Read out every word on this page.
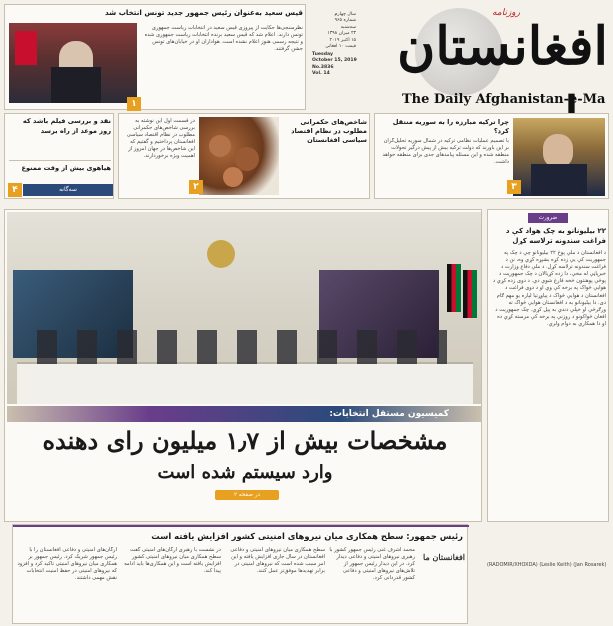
روزنامه
افغانستان
The Daily Afghanistan-e-Ma
سال چهارم
شماره ۹۶۵
سه‌شنبه
۲۳ میزان ۱۳۹۸
۱۵ اکتبر ۲۰۱۹
قیمت ۱۰ افغانی
Tuesday
October 15, 2019
No.3836
Vol. 14
قیس سعید به‌عنوان رئیس جمهور جدید تونس انتخاب شد
نظرسنجی‌ها حکایت از پیروزی قیس سعید در انتخابات ریاست جمهوری تونس دارند. اعلام شد که قیس سعید برنده انتخابات ریاست جمهوری شده و نتیجه رسمی هنوز اعلام نشده است. هواداران او در خیابان‌های تونس جشن گرفتند.
۱
شاخص‌های حکمرانی مطلوب در نظام اقتصاد سیاسی افغانستان
در قسمت اول این نوشته به بررسی شاخص‌های حکمرانی مطلوب در نظام اقتصاد سیاسی افغانستان پرداختیم و گفتیم که این شاخص‌ها در جهان امروز از اهمیت ویژه برخوردارند.
۲
چرا ترکیه مبارزه را به سوریه منتقل کرد؟
با تصمیم عملیات نظامی ترکیه در شمال سوریه تحلیل‌گران بر این باورند که دولت ترکیه بیش از پیش درگیر تحولات منطقه شده و این مسئله پیامدهای جدی برای منطقه خواهد داشت.
۳
نقد و بررسی فیلم باشد که روز موعد از راه برسد
هیاهوی بیش از وقت ممنوع
سه‌گانه
۴
کمیسیون مستقل انتخابات:
مشخصات بیش از ۱٫۷ میلیون رای دهنده
وارد سیستم شده است
در صفحه ۲
ضرورت
۲۲ بیلیونانو به چک هواد کې د فراغت سندونه ترلاسه کړل
د افغانستان د ملي پوځ ۲۲ بیلیونانو چې د چک په جمهوریت کې یې زده کړه بشپړه کړې وه، نن د فراغت سندونه ترلاسه کړل. د ملي دفاع وزارت د خبرپاڼې له مخې، دا زده کړیالان د چک جمهوریت د پوځي پوهنتون څخه فارغ شوي دي. د دوی زده کړې د هوایي ځواک په برخه کې وې او د دوی فراغت د افغانستان د هوایي ځواک د پیاوړتیا لپاره یو مهم ګام دی. دا بیلیونانو به د افغانستان هوایي ځواک ته ورګرځي او خپلې دندې به پیل کړي. چک جمهوریت د افغان ځواکونو د روزنې په برخه کې مرسته کړې ده او دا همکاري به دوام ولري.
رئیس جمهور: سطح همکاری میان نیروهای امنیتی کشور افزایش یافته است
ارگان‌های امنیتی و دفاعی افغانستان را با رئیس جمهور شریک کرد. رئیس جمهور بر همکاری میان نیروهای امنیتی تاکید کرد و افزود که نیروهای امنیتی در حفظ امنیت انتخابات نقش مهمی داشتند.
در نشست با رهبری ارگان‌های امنیتی گفت سطح همکاری میان نیروهای امنیتی کشور افزایش یافته است و این همکاری‌ها باید ادامه پیدا کند.
سطح همکاری میان نیروهای امنیتی و دفاعی افغانستان در سال جاری افزایش یافته و این امر سبب شده است که نیروهای امنیتی در برابر تهدیدها موفق‌تر عمل کنند.
محمد اشرف غنی رئیس جمهور کشور با رهبری نیروهای امنیتی و دفاعی دیدار کرد. در این دیدار رئیس جمهور از تلاش‌های نیروهای امنیتی و دفاعی کشور قدردانی کرد.
افغانستان ما
(RADOMIR/XHOXDA) (Leslie Keith) (Jan Rosarek)
